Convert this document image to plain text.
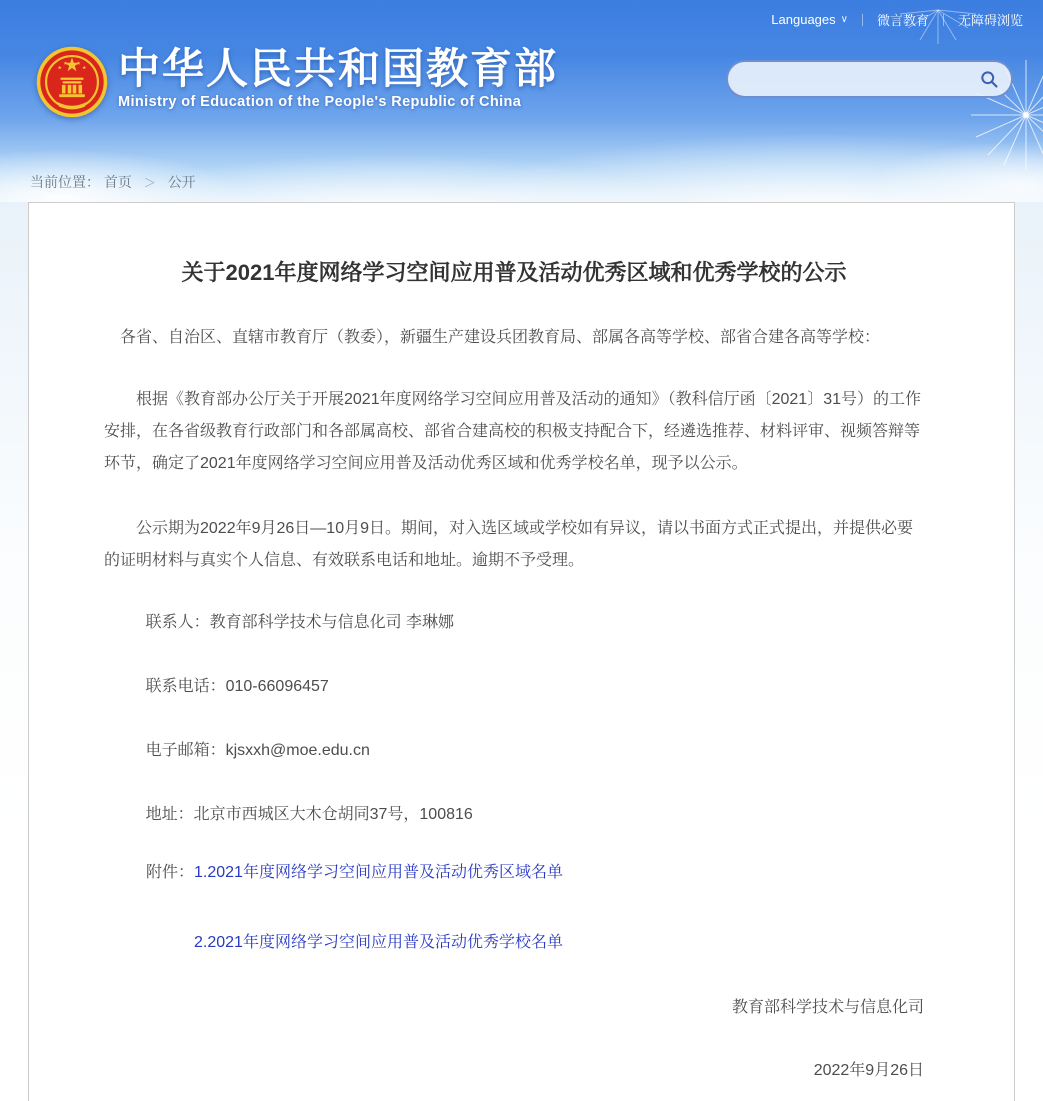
Languages ∨ 微言教育 无障碍浏览
中华人民共和国教育部
Ministry of Education of the People's Republic of China
当前位置： 首页 ＞ 公开
关于2021年度网络学习空间应用普及活动优秀区域和优秀学校的公示

各省、自治区、直辖市教育厅（教委），新疆生产建设兵团教育局、部属各高等学校、部省合建各高等学校：

根据《教育部办公厅关于开展2021年度网络学习空间应用普及活动的通知》（教科信厅函〔2021〕31号）的工作安排，在各省级教育行政部门和各部属高校、部省合建高校的积极支持配合下，经遴选推荐、材料评审、视频答辩等环节，确定了2021年度网络学习空间应用普及活动优秀区域和优秀学校名单，现予以公示。

公示期为2022年9月26日—10月9日。期间，对入选区域或学校如有异议，请以书面方式正式提出，并提供必要的证明材料与真实个人信息、有效联系电话和地址。逾期不予受理。

联系人：教育部科学技术与信息化司 李琳娜

联系电话：010-66096457

电子邮箱：kjsxxh@moe.edu.cn

地址：北京市西城区大木仓胡同37号，100816

附件：1.2021年度网络学习空间应用普及活动优秀区域名单

2.2021年度网络学习空间应用普及活动优秀学校名单

教育部科学技术与信息化司

2022年9月26日
